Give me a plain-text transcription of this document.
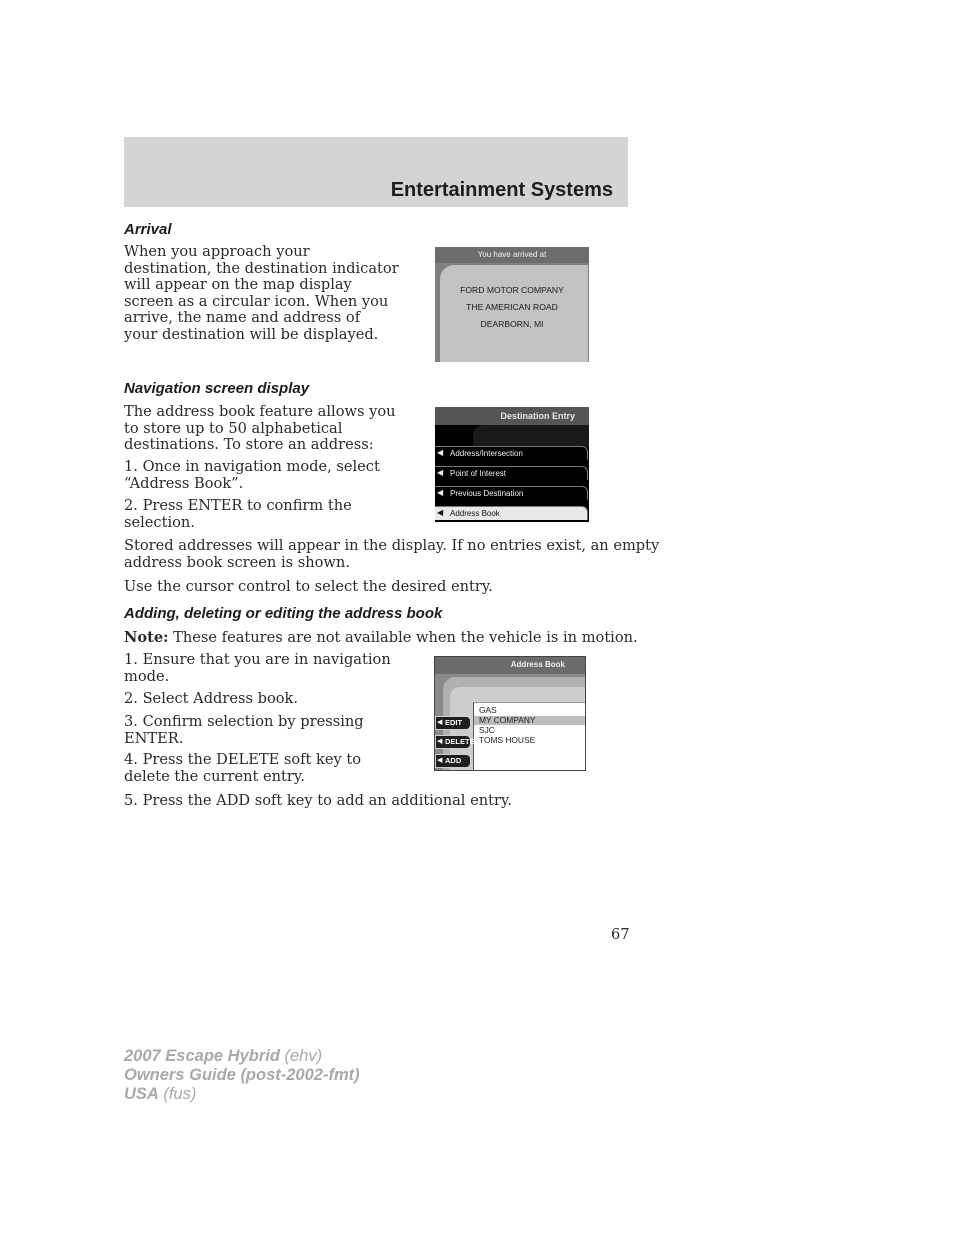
Entertainment Systems
Arrival

When you approach your
destination, the destination indicator
will appear on the map display
screen as a circular icon. When you
arrive, the name and address of
your destination will be displayed.

You have arrived at
FORD MOTOR COMPANY
THE AMERICAN ROAD
DEARBORN, MI
Navigation screen display

The address book feature allows you
to store up to 50 alphabetical
destinations. To store an address:

1. Once in navigation mode, select
“Address Book”.

2. Press ENTER to confirm the
selection.

Destination Entry
◀ Address/Intersection
◀ Point of Interest
◀ Previous Destination
◀ Address Book

Stored addresses will appear in the display. If no entries exist, an empty
address book screen is shown.

Use the cursor control to select the desired entry.

Adding, deleting or editing the address book

Note: These features are not available when the vehicle is in motion.

1. Ensure that you are in navigation
mode.

2. Select Address book.

3. Confirm selection by pressing
ENTER.

4. Press the DELETE soft key to
delete the current entry.

Address Book
GAS
MY COMPANY
SJC
TOMS HOUSE
◀ EDIT
◀ DELETE
◀ ADD

5. Press the ADD soft key to add an additional entry.

67
2007 Escape Hybrid (ehv)
Owners Guide (post-2002-fmt)
USA (fus)
